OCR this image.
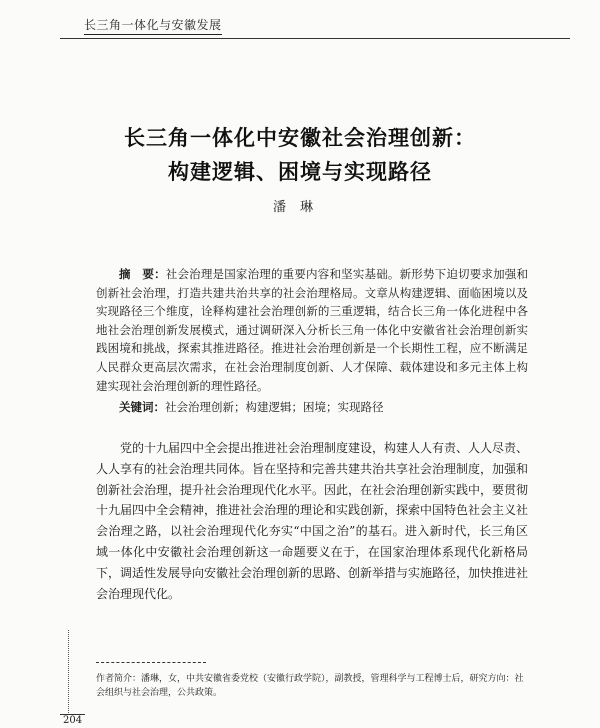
长三角一体化与安徽发展
长三角一体化中安徽社会治理创新：
构建逻辑、困境与实现路径
潘琳
摘　要：社会治理是国家治理的重要内容和坚实基础。新形势下迫切要求加强和创新社会治理，打造共建共治共享的社会治理格局。文章从构建逻辑、面临困境以及实现路径三个维度，诠释构建社会治理创新的三重逻辑，结合长三角一体化进程中各地社会治理创新发展模式，通过调研深入分析长三角一体化中安徽省社会治理创新实践困境和挑战，探索其推进路径。推进社会治理创新是一个长期性工程，应不断满足人民群众更高层次需求，在社会治理制度创新、人才保障、载体建设和多元主体上构建实现社会治理创新的理性路径。
关键词：社会治理创新；构建逻辑；困境；实现路径
党的十九届四中全会提出推进社会治理制度建设，构建人人有责、人人尽责、人人享有的社会治理共同体。旨在坚持和完善共建共治共享社会治理制度，加强和创新社会治理，提升社会治理现代化水平。因此，在社会治理创新实践中，要贯彻十九届四中全会精神，推进社会治理的理论和实践创新，探索中国特色社会主义社会治理之路，以社会治理现代化夯实“中国之治”的基石。进入新时代，长三角区域一体化中安徽社会治理创新这一命题要义在于，在国家治理体系现代化新格局下，调适性发展导向安徽社会治理创新的思路、创新举措与实施路径，加快推进社会治理现代化。
作者简介：潘琳，女，中共安徽省委党校（安徽行政学院），副教授，管理科学与工程博士后，研究方向：社会组织与社会治理，公共政策。
204
